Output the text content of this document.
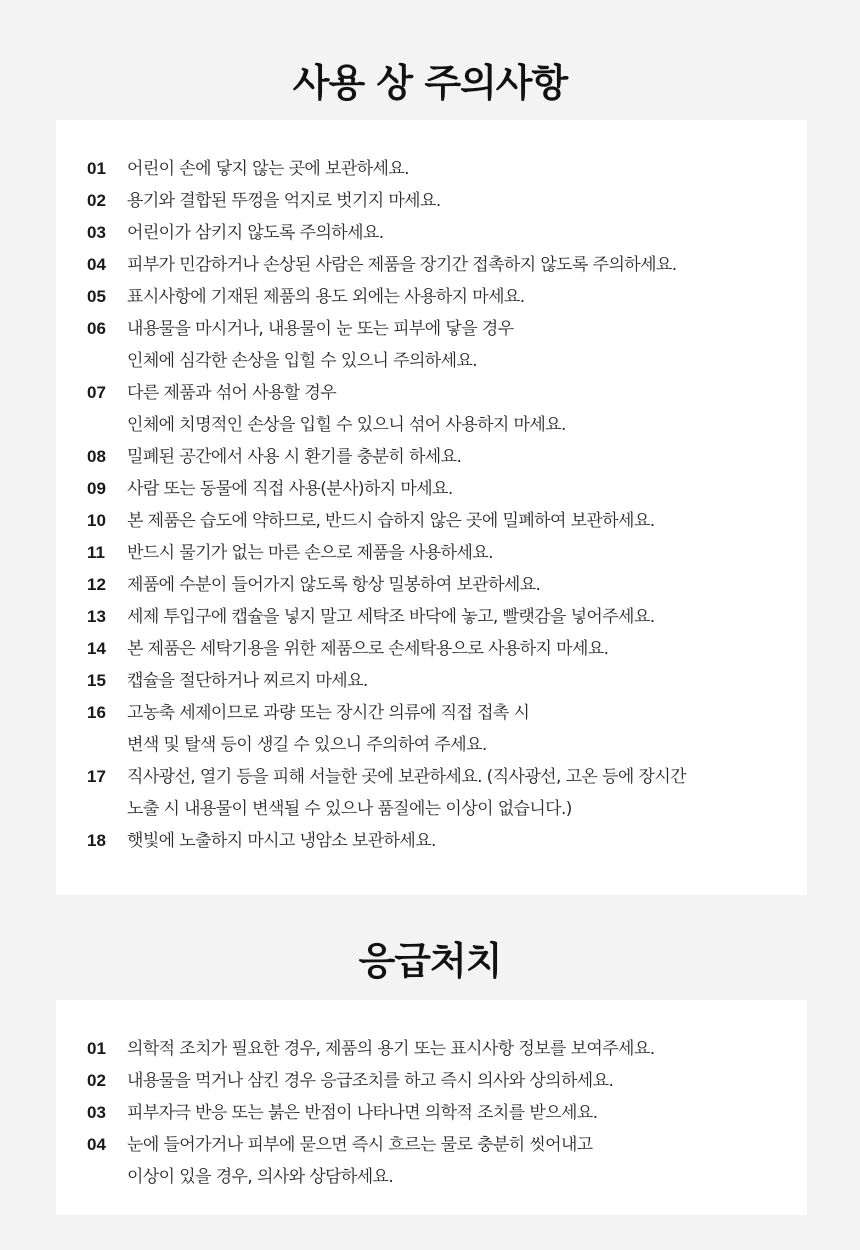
사용 상 주의사항
01	어린이 손에 닿지 않는 곳에 보관하세요.
02	용기와 결합된 뚜껑을 억지로 벗기지 마세요.
03	어린이가 삼키지 않도록 주의하세요.
04	피부가 민감하거나 손상된 사람은 제품을 장기간 접촉하지 않도록 주의하세요.
05	표시사항에 기재된 제품의 용도 외에는 사용하지 마세요.
06	내용물을 마시거나, 내용물이 눈 또는 피부에 닿을 경우
인체에 심각한 손상을 입힐 수 있으니 주의하세요.
07	다른 제품과 섞어 사용할 경우
인체에 치명적인 손상을 입힐 수 있으니 섞어 사용하지 마세요.
08	밀폐된 공간에서 사용 시 환기를 충분히 하세요.
09	사람 또는 동물에 직접 사용(분사)하지 마세요.
10	본 제품은 습도에 약하므로, 반드시 습하지 않은 곳에 밀폐하여 보관하세요.
11	반드시 물기가 없는 마른 손으로 제품을 사용하세요.
12	제품에 수분이 들어가지 않도록 항상 밀봉하여 보관하세요.
13	세제 투입구에 캡슐을 넣지 말고 세탁조 바닥에 놓고, 빨랫감을 넣어주세요.
14	본 제품은 세탁기용을 위한 제품으로 손세탁용으로 사용하지 마세요.
15	캡슐을 절단하거나 찌르지 마세요.
16	고농축 세제이므로 과량 또는 장시간 의류에 직접 접촉 시
변색 및 탈색 등이 생길 수 있으니 주의하여 주세요.
17	직사광선, 열기 등을 피해 서늘한 곳에 보관하세요. (직사광선, 고온 등에 장시간
노출 시 내용물이 변색될 수 있으나 품질에는 이상이 없습니다.)
18	햇빛에 노출하지 마시고 냉암소 보관하세요.
응급처치
01	의학적 조치가 필요한 경우, 제품의 용기 또는 표시사항 정보를 보여주세요.
02	내용물을 먹거나 삼킨 경우 응급조치를 하고 즉시 의사와 상의하세요.
03	피부자극 반응 또는 붉은 반점이 나타나면 의학적 조치를 받으세요.
04	눈에 들어가거나 피부에 묻으면 즉시 흐르는 물로 충분히 씻어내고
이상이 있을 경우, 의사와 상담하세요.
